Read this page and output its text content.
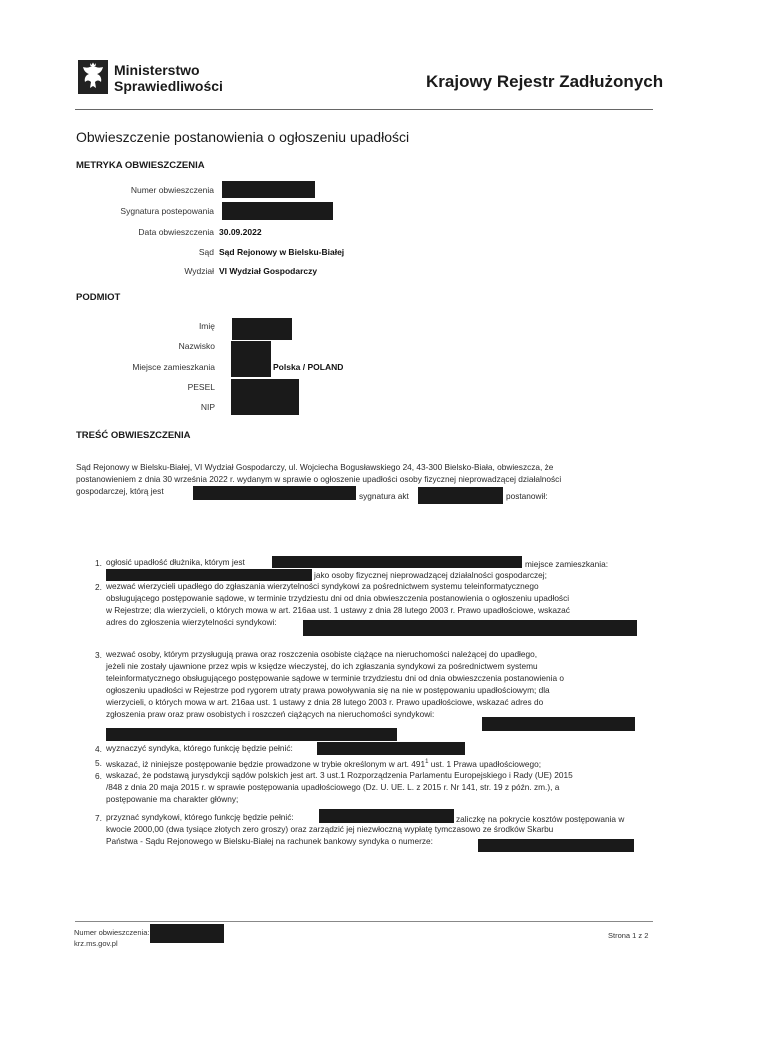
Ministerstwo
Sprawiedliwości	Krajowy Rejestr Zadłużonych
Obwieszczenie postanowienia o ogłoszeniu upadłości
METRYKA OBWIESZCZENIA
Numer obwieszczenia
Sygnatura postepowania
Data obwieszczenia 30.09.2022
Sąd Sąd Rejonowy w Bielsku-Białej
Wydział VI Wydział Gospodarczy
PODMIOT
Imię
Nazwisko
Miejsce zamieszkania	Polska / POLAND
PESEL
NIP
TREŚĆ OBWIESZCZENIA
Sąd Rejonowy w Bielsku-Białej, VI Wydział Gospodarczy, ul. Wojciecha Bogusławskiego 24, 43-300 Bielsko-Biała, obwieszcza, że
postanowieniem z dnia 30 września 2022 r. wydanym w sprawie o ogłoszenie upadłości osoby fizycznej nieprowadzącej działalności
gospodarczej, którą jest	sygnatura akt	postanowił:
1. ogłosić upadłość dłużnika, którym jest	miejsce zamieszkania:
jako osoby fizycznej nieprowadzącej działalności gospodarczej;
2. wezwać wierzycieli upadłego do zgłaszania wierzytelności syndykowi za pośrednictwem systemu teleinformatycznego
obsługującego postępowanie sądowe, w terminie trzydziestu dni od dnia obwieszczenia postanowienia o ogłoszeniu upadłości
w Rejestrze; dla wierzycieli, o których mowa w art. 216aa ust. 1 ustawy z dnia 28 lutego 2003 r. Prawo upadłościowe, wskazać
adres do zgłoszenia wierzytelności syndykowi:
3. wezwać osoby, którym przysługują prawa oraz roszczenia osobiste ciążące na nieruchomości należącej do upadłego,
jeżeli nie zostały ujawnione przez wpis w księdze wieczystej, do ich zgłaszania syndykowi za pośrednictwem systemu
teleinformatycznego obsługującego postępowanie sądowe w terminie trzydziestu dni od dnia obwieszczenia postanowienia o
ogłoszeniu upadłości w Rejestrze pod rygorem utraty prawa powoływania się na nie w postępowaniu upadłościowym; dla
wierzycieli, o których mowa w art. 216aa ust. 1 ustawy z dnia 28 lutego 2003 r. Prawo upadłościowe, wskazać adres do
zgłoszenia praw oraz praw osobistych i roszczeń ciążących na nieruchomości syndykowi:
4. wyznaczyć syndyka, którego funkcję będzie pełnić:
5. wskazać, iż niniejsze postępowanie będzie prowadzone w trybie określonym w art. $491^1$ ust. 1 Prawa upadłościowego;
6. wskazać, że podstawą jurysdykcji sądów polskich jest art. 3 ust.1 Rozporządzenia Parlamentu Europejskiego i Rady (UE) 2015
/848 z dnia 20 maja 2015 r. w sprawie postępowania upadłościowego (Dz. U. UE. L. z 2015 r. Nr 141, str. 19 z późn. zm.), a
postępowanie ma charakter główny;
7. przyznać syndykowi, którego funkcję będzie pełnić:	zaliczkę na pokrycie kosztów postępowania w
kwocie 2000,00 (dwa tysiące złotych zero groszy) oraz zarządzić jej niezwłoczną wypłatę tymczasowo ze środków Skarbu
Państwa - Sądu Rejonowego w Bielsku-Białej na rachunek bankowy syndyka o numerze:
Numer obwieszczenia:
krz.ms.gov.pl
Strona 1 z 2
